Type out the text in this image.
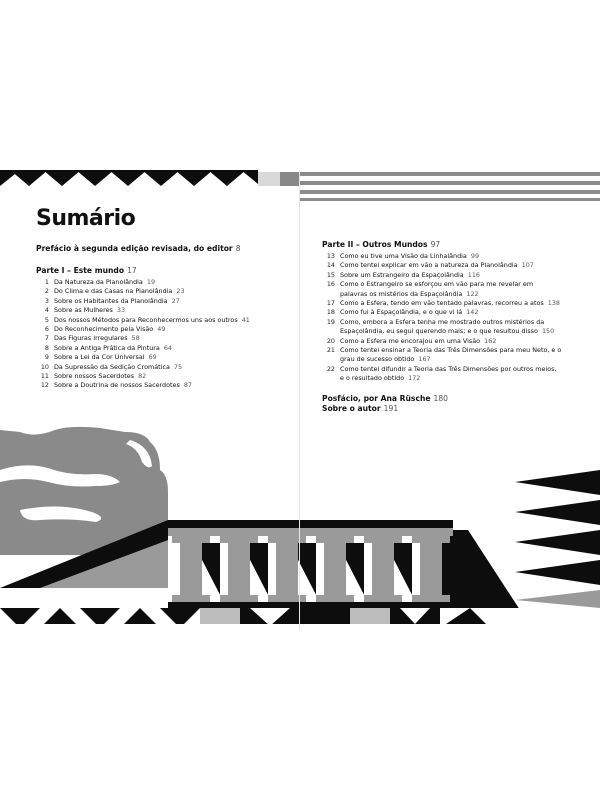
Sumário
Prefácio à segunda edição revisada, do editor 8
Parte I – Este mundo 17
1 Da Natureza da Planolândia 19
2 Do Clima e das Casas na Planolândia 23
3 Sobre os Habitantes da Planolândia 27
4 Sobre as Mulheres 33
5 Dos nossos Métodos para Reconhecermos uns aos outros 41
6 Do Reconhecimento pela Visão 49
7 Das Figuras Irregulares 58
8 Sobre a Antiga Prática da Pintura 64
9 Sobre a Lei da Cor Universal 69
10 Da Supressão da Sedição Cromática 75
11 Sobre nossos Sacerdotes 82
12 Sobre a Doutrina de nossos Sacerdotes 87
Parte II – Outros Mundos 97
13 Como eu tive uma Visão da Linhalândia 99
14 Como tentei explicar em vão a natureza da Planolândia 107
15 Sobre um Estrangeiro da Espaçolândia 116
16 Como o Estrangeiro se esforçou em vão para me revelar em palavras os mistérios da Espaçolândia 122
17 Como a Esfera, tendo em vão tentado palavras, recorreu a atos 138
18 Como fui à Espaçolândia, e o que vi lá 142
19 Como, embora a Esfera tenha me mostrado outros mistérios da Espaçolândia, eu segui querendo mais; e o que resultou disso 150
20 Como a Esfera me encorajou em uma Visão 162
21 Como tentei ensinar a Teoria das Três Dimensões para meu Neto, e o grau de sucesso obtido 167
22 Como tentei difundir a Teoria das Três Dimensões por outros meios, e o resultado obtido 172
Posfácio, por Ana Rüsche 180
Sobre o autor 191
